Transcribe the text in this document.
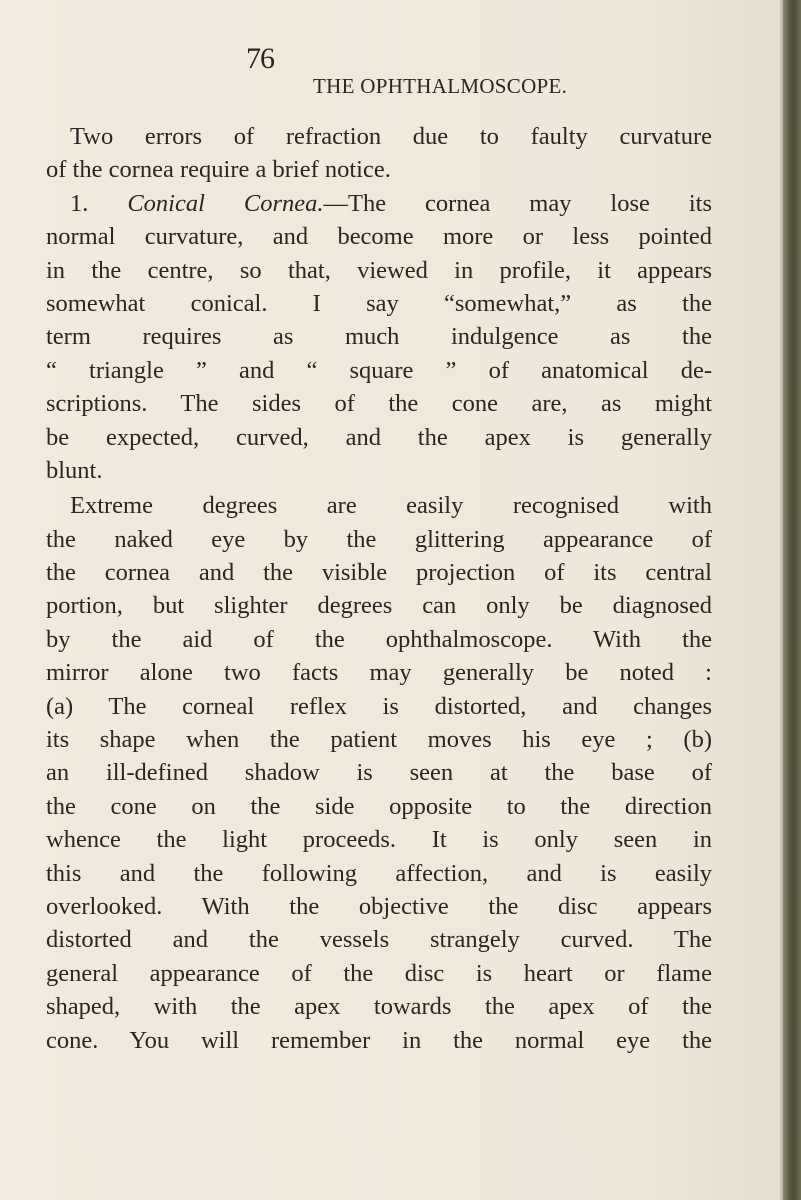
76
THE OPHTHALMOSCOPE.
Two errors of refraction due to faulty curvature
of the cornea require a brief notice.
1. Conical Cornea.—The cornea may lose its
normal curvature, and become more or less pointed
in the centre, so that, viewed in profile, it appears
somewhat conical. I say “somewhat,” as the
term requires as much indulgence as the
“ triangle ” and “ square ” of anatomical de-
scriptions. The sides of the cone are, as might
be expected, curved, and the apex is generally
blunt.
Extreme degrees are easily recognised with
the naked eye by the glittering appearance of
the cornea and the visible projection of its central
portion, but slighter degrees can only be diagnosed
by the aid of the ophthalmoscope. With the
mirror alone two facts may generally be noted :
(a) The corneal reflex is distorted, and changes
its shape when the patient moves his eye ; (b)
an ill-defined shadow is seen at the base of
the cone on the side opposite to the direction
whence the light proceeds. It is only seen in
this and the following affection, and is easily
overlooked. With the objective the disc appears
distorted and the vessels strangely curved. The
general appearance of the disc is heart or flame
shaped, with the apex towards the apex of the
cone. You will remember in the normal eye the
